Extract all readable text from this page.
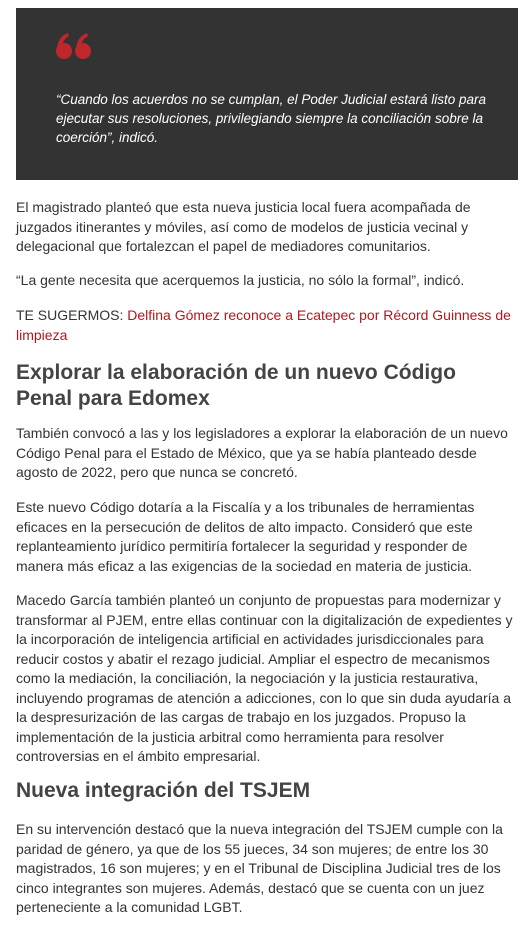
“Cuando los acuerdos no se cumplan, el Poder Judicial estará listo para ejecutar sus resoluciones, privilegiando siempre la conciliación sobre la coerción”, indicó.

El magistrado planteó que esta nueva justicia local fuera acompañada de juzgados itinerantes y móviles, así como de modelos de justicia vecinal y delegacional que fortalezcan el papel de mediadores comunitarios.

“La gente necesita que acerquemos la justicia, no sólo la formal”, indicó.

TE SUGERMOS: Delfina Gómez reconoce a Ecatepec por Récord Guinness de limpieza

Explorar la elaboración de un nuevo Código Penal para Edomex

También convocó a las y los legisladores a explorar la elaboración de un nuevo Código Penal para el Estado de México, que ya se había planteado desde agosto de 2022, pero que nunca se concretó.

Este nuevo Código dotaría a la Fiscalía y a los tribunales de herramientas eficaces en la persecución de delitos de alto impacto. Consideró que este replanteamiento jurídico permitiría fortalecer la seguridad y responder de manera más eficaz a las exigencias de la sociedad en materia de justicia.

Macedo García también planteó un conjunto de propuestas para modernizar y transformar al PJEM, entre ellas continuar con la digitalización de expedientes y la incorporación de inteligencia artificial en actividades jurisdiccionales para reducir costos y abatir el rezago judicial. Ampliar el espectro de mecanismos como la mediación, la conciliación, la negociación y la justicia restaurativa, incluyendo programas de atención a adicciones, con lo que sin duda ayudaría a la despresurización de las cargas de trabajo en los juzgados. Propuso la implementación de la justicia arbitral como herramienta para resolver controversias en el ámbito empresarial.

Nueva integración del TSJEM

En su intervención destacó que la nueva integración del TSJEM cumple con la paridad de género, ya que de los 55 jueces, 34 son mujeres; de entre los 30 magistrados, 16 son mujeres; y en el Tribunal de Disciplina Judicial tres de los cinco integrantes son mujeres. Además, destacó que se cuenta con un juez perteneciente a la comunidad LGBT.
